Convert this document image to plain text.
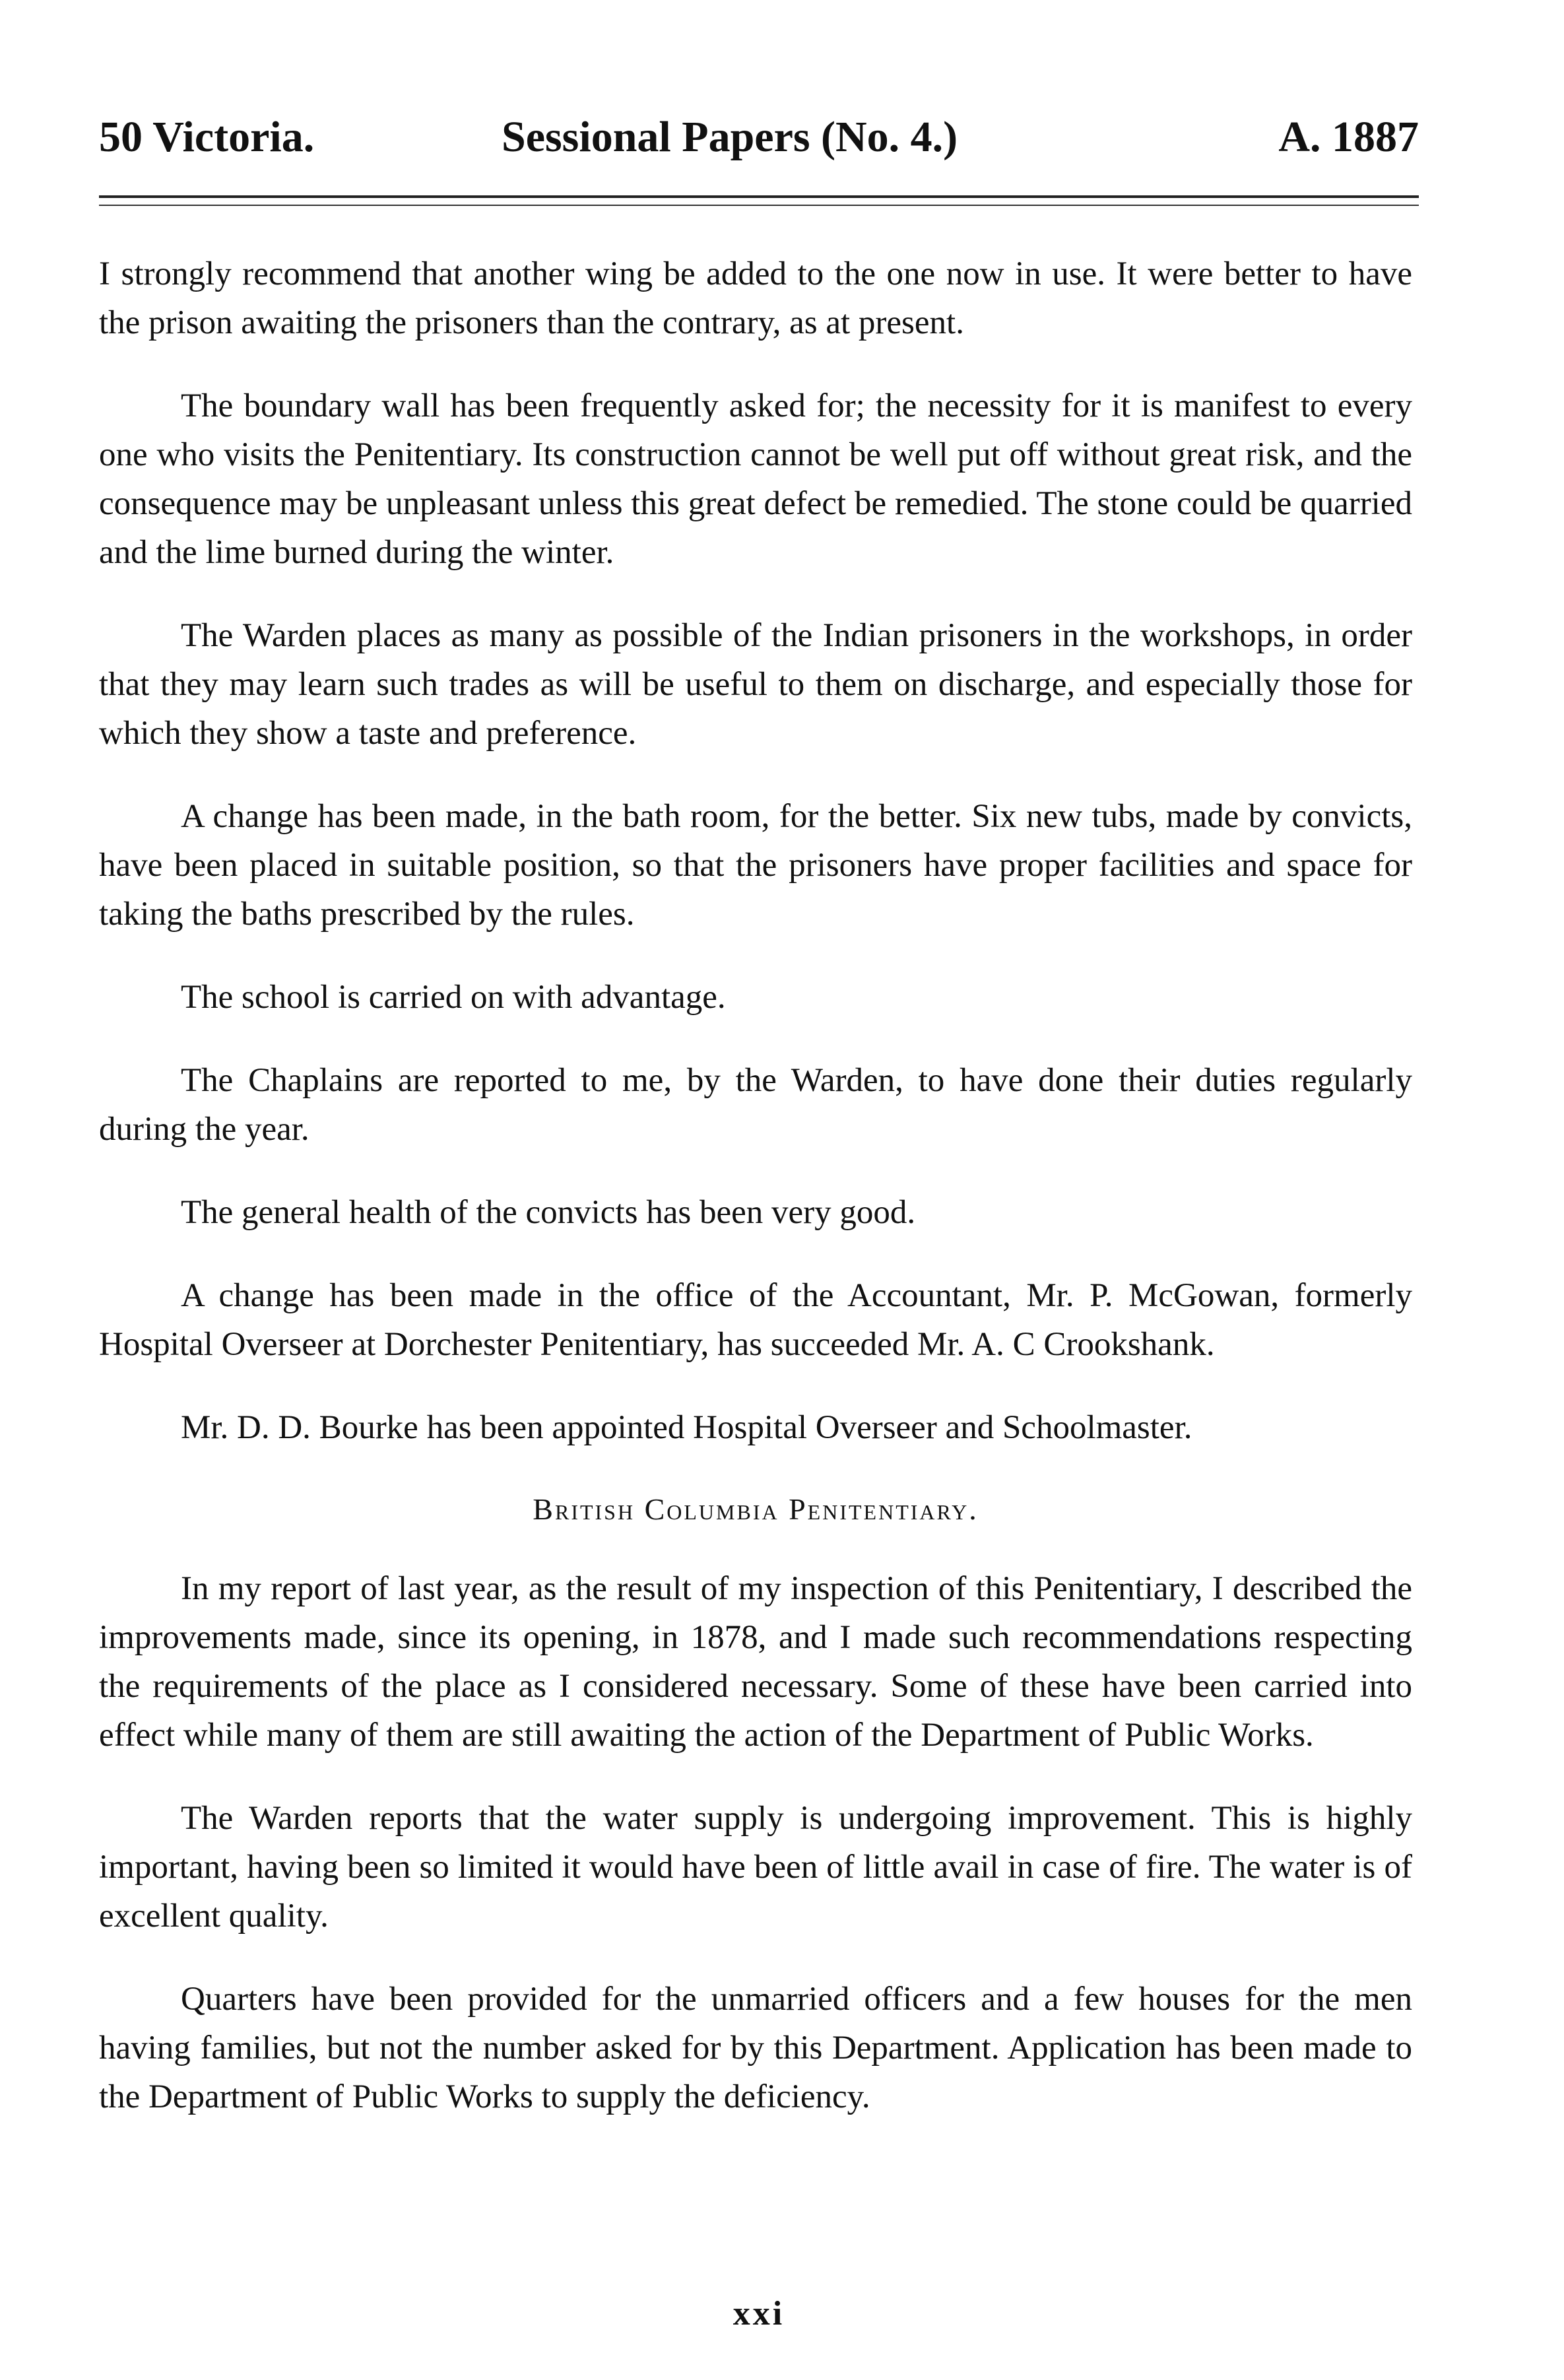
50 Victoria.	Sessional Papers (No. 4.)	A. 1887

I strongly recommend that another wing be added to the one now in use. It were better to have the prison awaiting the prisoners than the contrary, as at present.

The boundary wall has been frequently asked for; the necessity for it is manifest to every one who visits the Penitentiary. Its construction cannot be well put off without great risk, and the consequence may be unpleasant unless this great defect be remedied. The stone could be quarried and the lime burned during the winter.

The Warden places as many as possible of the Indian prisoners in the workshops, in order that they may learn such trades as will be useful to them on discharge, and especially those for which they show a taste and preference.

A change has been made, in the bath room, for the better. Six new tubs, made by convicts, have been placed in suitable position, so that the prisoners have proper facilities and space for taking the baths prescribed by the rules.

The school is carried on with advantage.

The Chaplains are reported to me, by the Warden, to have done their duties regularly during the year.

The general health of the convicts has been very good.

A change has been made in the office of the Accountant, Mr. P. McGowan, formerly Hospital Overseer at Dorchester Penitentiary, has succeeded Mr. A. C Crookshank.

Mr. D. D. Bourke has been appointed Hospital Overseer and Schoolmaster.

British Columbia Penitentiary.

In my report of last year, as the result of my inspection of this Penitentiary, I described the improvements made, since its opening, in 1878, and I made such recommendations respecting the requirements of the place as I considered necessary. Some of these have been carried into effect while many of them are still awaiting the action of the Department of Public Works.

The Warden reports that the water supply is undergoing improvement. This is highly important, having been so limited it would have been of little avail in case of fire. The water is of excellent quality.

Quarters have been provided for the unmarried officers and a few houses for the men having families, but not the number asked for by this Department. Application has been made to the Department of Public Works to supply the deficiency.

xxi
